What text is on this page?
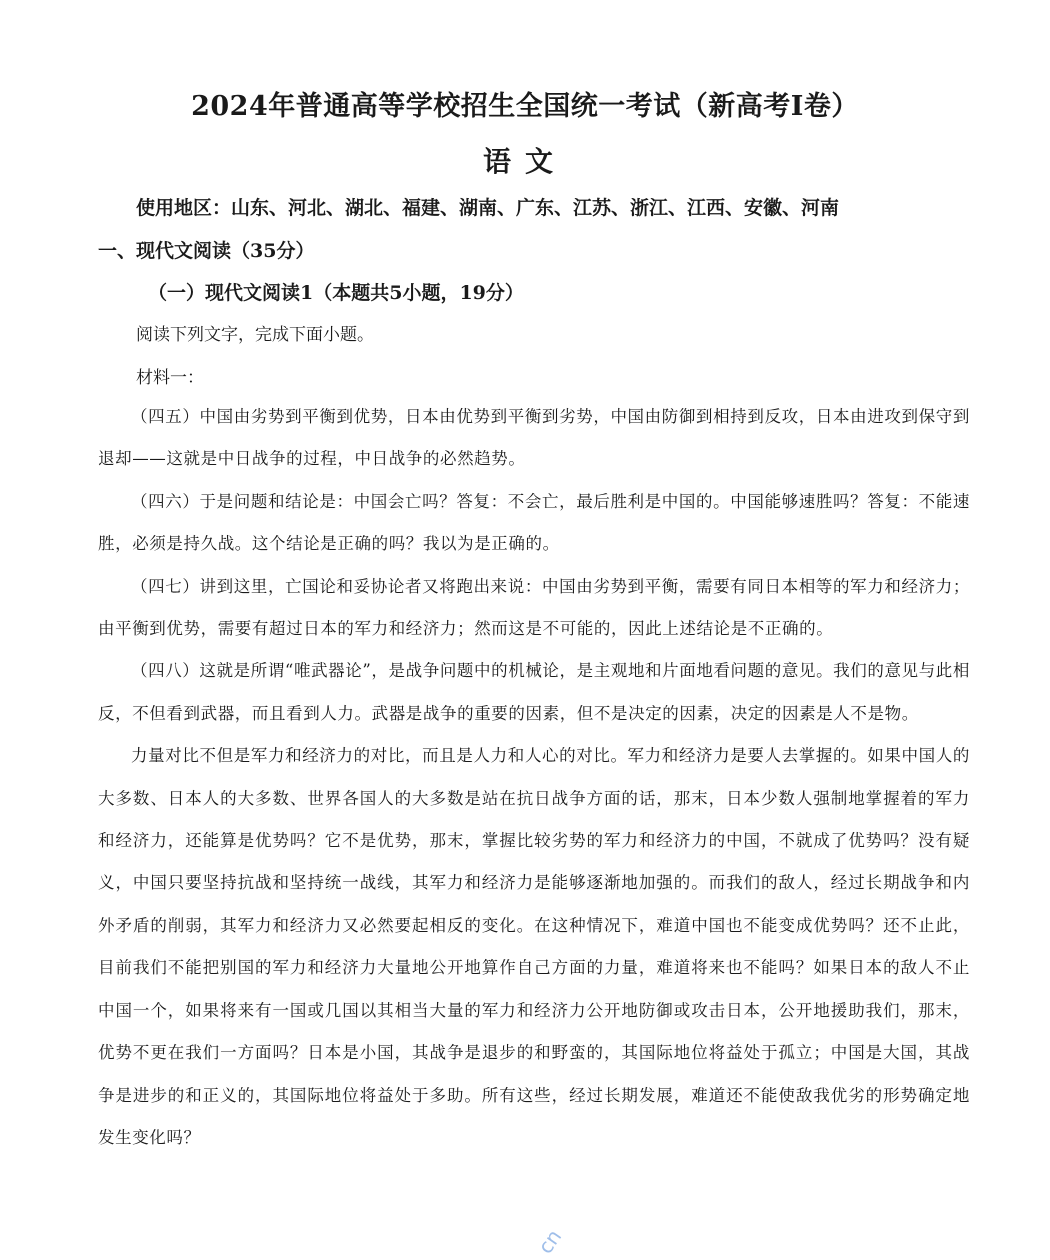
2024年普通高等学校招生全国统一考试（新高考Ⅰ卷）
语文
使用地区：山东、河北、湖北、福建、湖南、广东、江苏、浙江、江西、安徽、河南
一、现代文阅读（35分）
（一）现代文阅读1（本题共5小题，19分）
阅读下列文字，完成下面小题。
材料一：

（四五）中国由劣势到平衡到优势，日本由优势到平衡到劣势，中国由防御到相持到反攻，日本由进攻到保守到退却——这就是中日战争的过程，中日战争的必然趋势。

（四六）于是问题和结论是：中国会亡吗？答复：不会亡，最后胜利是中国的。中国能够速胜吗？答复：不能速胜，必须是持久战。这个结论是正确的吗？我以为是正确的。

（四七）讲到这里，亡国论和妥协论者又将跑出来说：中国由劣势到平衡，需要有同日本相等的军力和经济力；由平衡到优势，需要有超过日本的军力和经济力；然而这是不可能的，因此上述结论是不正确的。

（四八）这就是所谓“唯武器论”，是战争问题中的机械论，是主观地和片面地看问题的意见。我们的意见与此相反，不但看到武器，而且看到人力。武器是战争的重要的因素，但不是决定的因素，决定的因素是人不是物。

力量对比不但是军力和经济力的对比，而且是人力和人心的对比。军力和经济力是要人去掌握的。如果中国人的大多数、日本人的大多数、世界各国人的大多数是站在抗日战争方面的话，那末，日本少数人强制地掌握着的军力和经济力，还能算是优势吗？它不是优势，那末，掌握比较劣势的军力和经济力的中国，不就成了优势吗？没有疑义，中国只要坚持抗战和坚持统一战线，其军力和经济力是能够逐渐地加强的。而我们的敌人，经过长期战争和内外矛盾的削弱，其军力和经济力又必然要起相反的变化。在这种情况下，难道中国也不能变成优势吗？还不止此，目前我们不能把别国的军力和经济力大量地公开地算作自己方面的力量，难道将来也不能吗？如果日本的敌人不止中国一个，如果将来有一国或几国以其相当大量的军力和经济力公开地防御或攻击日本，公开地援助我们，那末，优势不更在我们一方面吗？日本是小国，其战争是退步的和野蛮的，其国际地位将益处于孤立；中国是大国，其战争是进步的和正义的，其国际地位将益处于多助。所有这些，经过长期发展，难道还不能使敌我优劣的形势确定地发生变化吗？

cn
